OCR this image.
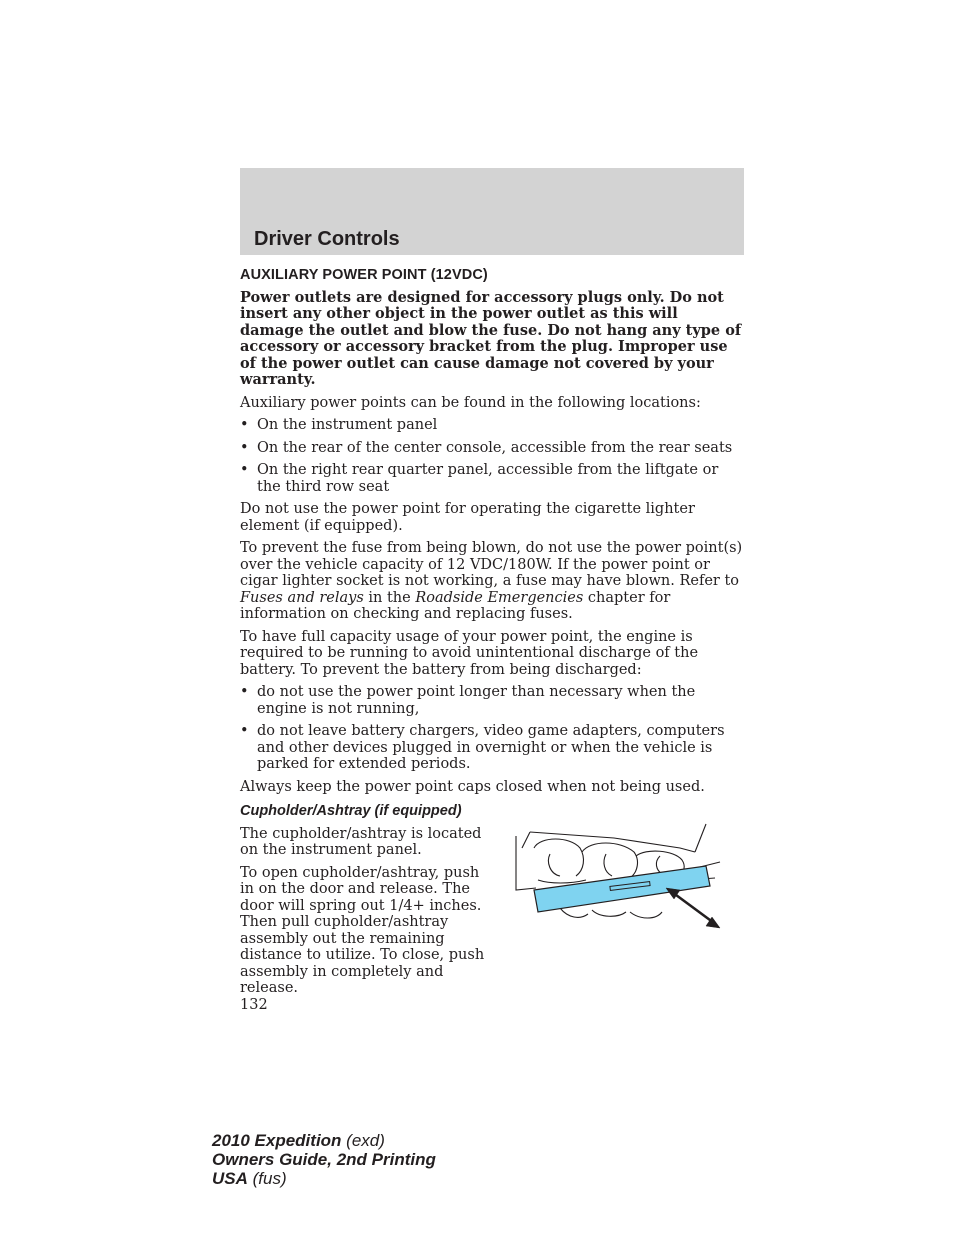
Driver Controls
AUXILIARY POWER POINT (12VDC)

Power outlets are designed for accessory plugs only. Do not insert any other object in the power outlet as this will damage the outlet and blow the fuse. Do not hang any type of accessory or accessory bracket from the plug. Improper use of the power outlet can cause damage not covered by your warranty.

Auxiliary power points can be found in the following locations:

• On the instrument panel
• On the rear of the center console, accessible from the rear seats
• On the right rear quarter panel, accessible from the liftgate or the third row seat

Do not use the power point for operating the cigarette lighter element (if equipped).

To prevent the fuse from being blown, do not use the power point(s) over the vehicle capacity of 12 VDC/180W. If the power point or cigar lighter socket is not working, a fuse may have blown. Refer to Fuses and relays in the Roadside Emergencies chapter for information on checking and replacing fuses.

To have full capacity usage of your power point, the engine is required to be running to avoid unintentional discharge of the battery. To prevent the battery from being discharged:

• do not use the power point longer than necessary when the engine is not running,
• do not leave battery chargers, video game adapters, computers and other devices plugged in overnight or when the vehicle is parked for extended periods.

Always keep the power point caps closed when not being used.

Cupholder/Ashtray (if equipped)

The cupholder/ashtray is located on the instrument panel.

To open cupholder/ashtray, push in on the door and release. The door will spring out 1/4+ inches. Then pull cupholder/ashtray assembly out the remaining distance to utilize. To close, push assembly in completely and release.

132
2010 Expedition (exd)
Owners Guide, 2nd Printing
USA (fus)
